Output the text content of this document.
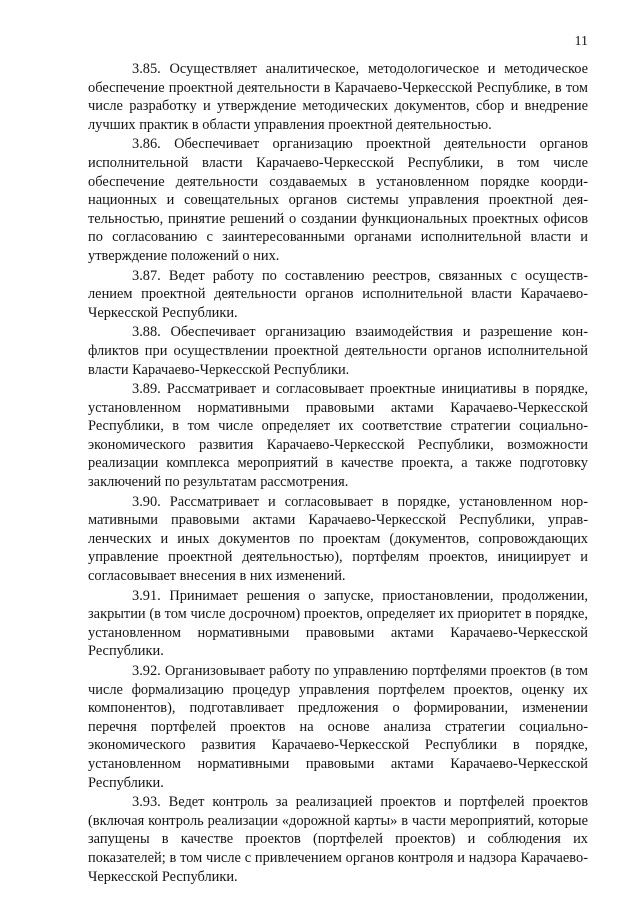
11

3.85. Осуществляет аналитическое, методологическое и методическое обеспечение проектной деятельности в Карачаево-Черкесской Республике, в том числе разработку и утверждение методических документов, сбор и внедрение лучших практик в области управления проектной деятельностью.

3.86. Обеспечивает организацию проектной деятельности органов исполнительной власти Карачаево-Черкесской Республики, в том числе обеспечение деятельности создаваемых в установленном порядке координационных и совещательных органов системы управления проектной деятельностью, принятие решений о создании функциональных проектных офисов по согласованию с заинтересованными органами исполнительной власти и утверждение положений о них.

3.87. Ведет работу по составлению реестров, связанных с осуществлением проектной деятельности органов исполнительной власти Карачаево-Черкесской Республики.

3.88. Обеспечивает организацию взаимодействия и разрешение конфликтов при осуществлении проектной деятельности органов исполнительной власти Карачаево-Черкесской Республики.

3.89. Рассматривает и согласовывает проектные инициативы в порядке, установленном нормативными правовыми актами Карачаево-Черкесской Республики, в том числе определяет их соответствие стратегии социально-экономического развития Карачаево-Черкесской Республики, возможности реализации комплекса мероприятий в качестве проекта, а также подготовку заключений по результатам рассмотрения.

3.90. Рассматривает и согласовывает в порядке, установленном нормативными правовыми актами Карачаево-Черкесской Республики, управленческих и иных документов по проектам (документов, сопровождающих управление проектной деятельностью), портфелям проектов, инициирует и согласовывает внесения в них изменений.

3.91. Принимает решения о запуске, приостановлении, продолжении, закрытии (в том числе досрочном) проектов, определяет их приоритет в порядке, установленном нормативными правовыми актами Карачаево-Черкесской Республики.

3.92. Организовывает работу по управлению портфелями проектов (в том числе формализацию процедур управления портфелем проектов, оценку их компонентов), подготавливает предложения о формировании, изменении перечня портфелей проектов на основе анализа стратегии социально-экономического развития Карачаево-Черкесской Республики в порядке, установленном нормативными правовыми актами Карачаево-Черкесской Республики.

3.93. Ведет контроль за реализацией проектов и портфелей проектов (включая контроль реализации «дорожной карты» в части мероприятий, которые запущены в качестве проектов (портфелей проектов) и соблюдения их показателей; в том числе с привлечением органов контроля и надзора Карачаево-Черкесской Республики.
